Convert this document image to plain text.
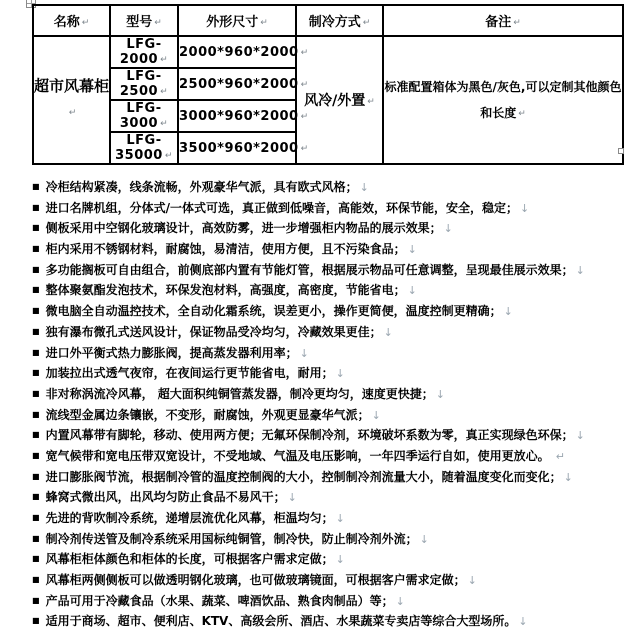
名称 ↵	型号 ↵	外形尺寸 ↵	制冷方式 ↵	备注 ↵
超市风幕柜↵	LFG-2000 ↵	2000*960*2000 ↵	风冷/外置 ↵	标准配置箱体为黑色/灰色,可以定制其他颜色和长度 ↵
	LFG-2500 ↵	2500*960*2000 ↵		
	LFG-3000 ↵	3000*960*2000 ↵		
	LFG-35000 ↵	3500*960*2000 ↵		
■ 冷柜结构紧凑，线条流畅，外观豪华气派，具有欧式风格； ↓
■ 进口名牌机组，分体式/一体式可选，真正做到低噪音，高能效，环保节能，安全，稳定； ↓
■ 侧板采用中空钢化玻璃设计，高效防雾，进一步增强柜内物品的展示效果； ↓
■ 柜内采用不锈钢材料，耐腐蚀，易清洁，使用方便，且不污染食品； ↓
■ 多功能搁板可自由组合，前侧底部内置有节能灯管，根据展示物品可任意调整，呈现最佳展示效果； ↓
■ 整体聚氨酯发泡技术，环保发泡材料，高强度，高密度，节能省电； ↓
■ 微电脑全自动温控技术，全自动化霜系统，误差更小，操作更简便，温度控制更精确； ↓
■ 独有瀑布微孔式送风设计，保证物品受冷均匀，冷藏效果更佳； ↓
■ 进口外平衡式热力膨胀阀，提高蒸发器利用率； ↓
■ 加装拉出式透气夜帘，在夜间运行更节能省电，耐用； ↓
■ 非对称涡流冷风幕， 超大面积纯铜管蒸发器，制冷更均匀，速度更快捷； ↓
■ 流线型金属边条镶嵌，不变形，耐腐蚀，外观更显豪华气派； ↓
■ 内置风幕带有脚轮，移动、使用两方便；无氟环保制冷剂，环境破坏系数为零，真正实现绿色环保； ↓
■ 宽气候带和宽电压带双宽设计，不受地域、气温及电压影响，一年四季运行自如，使用更放心。 ↵
■ 进口膨胀阀节流，根据制冷管的温度控制阀的大小，控制制冷剂流量大小，随着温度变化而变化； ↓
■ 蜂窝式微出风，出风均匀防止食品不易风干； ↓
■ 先进的背吹制冷系统，递增层流优化风幕，柜温均匀； ↓
■ 制冷剂传送管及制冷系统采用国标纯铜管，制冷快，防止制冷剂外流； ↓
■ 风幕柜柜体颜色和柜体的长度，可根据客户需求定做； ↓
■ 风幕柜两侧侧板可以做透明钢化玻璃，也可做玻璃镜面，可根据客户需求定做； ↓
■ 产品可用于冷藏食品（水果、蔬菜、啤酒饮品、熟食肉制品）等； ↓
■ 适用于商场、超市、便利店、KTV、高级会所、酒店、水果蔬菜专卖店等综合大型场所。 ↓
